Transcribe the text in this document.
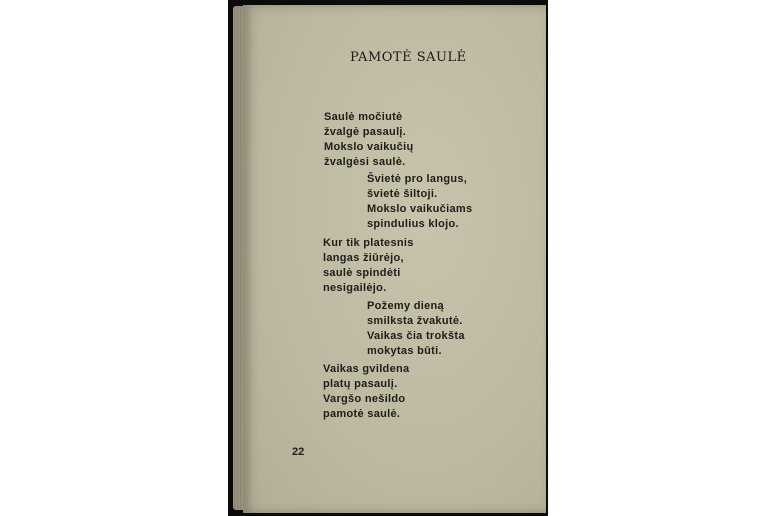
PAMOTĖ SAULĖ
Saulė močiutė
žvalgė pasaulį.
Mokslo vaikučių
žvalgėsi saulė.
Švietė pro langus,
švietė šiltoji.
Mokslo vaikučiams
spindulius klojo.
Kur tik platesnis
langas žiūrėjo,
saulė spindėti
nesigailėjo.
Požemy dieną
smilksta žvakutė.
Vaikas čia trokšta
mokytas būti.
Vaikas gvildena
platų pasaulį.
Vargšo nešildo
pamotė saulė.
22
